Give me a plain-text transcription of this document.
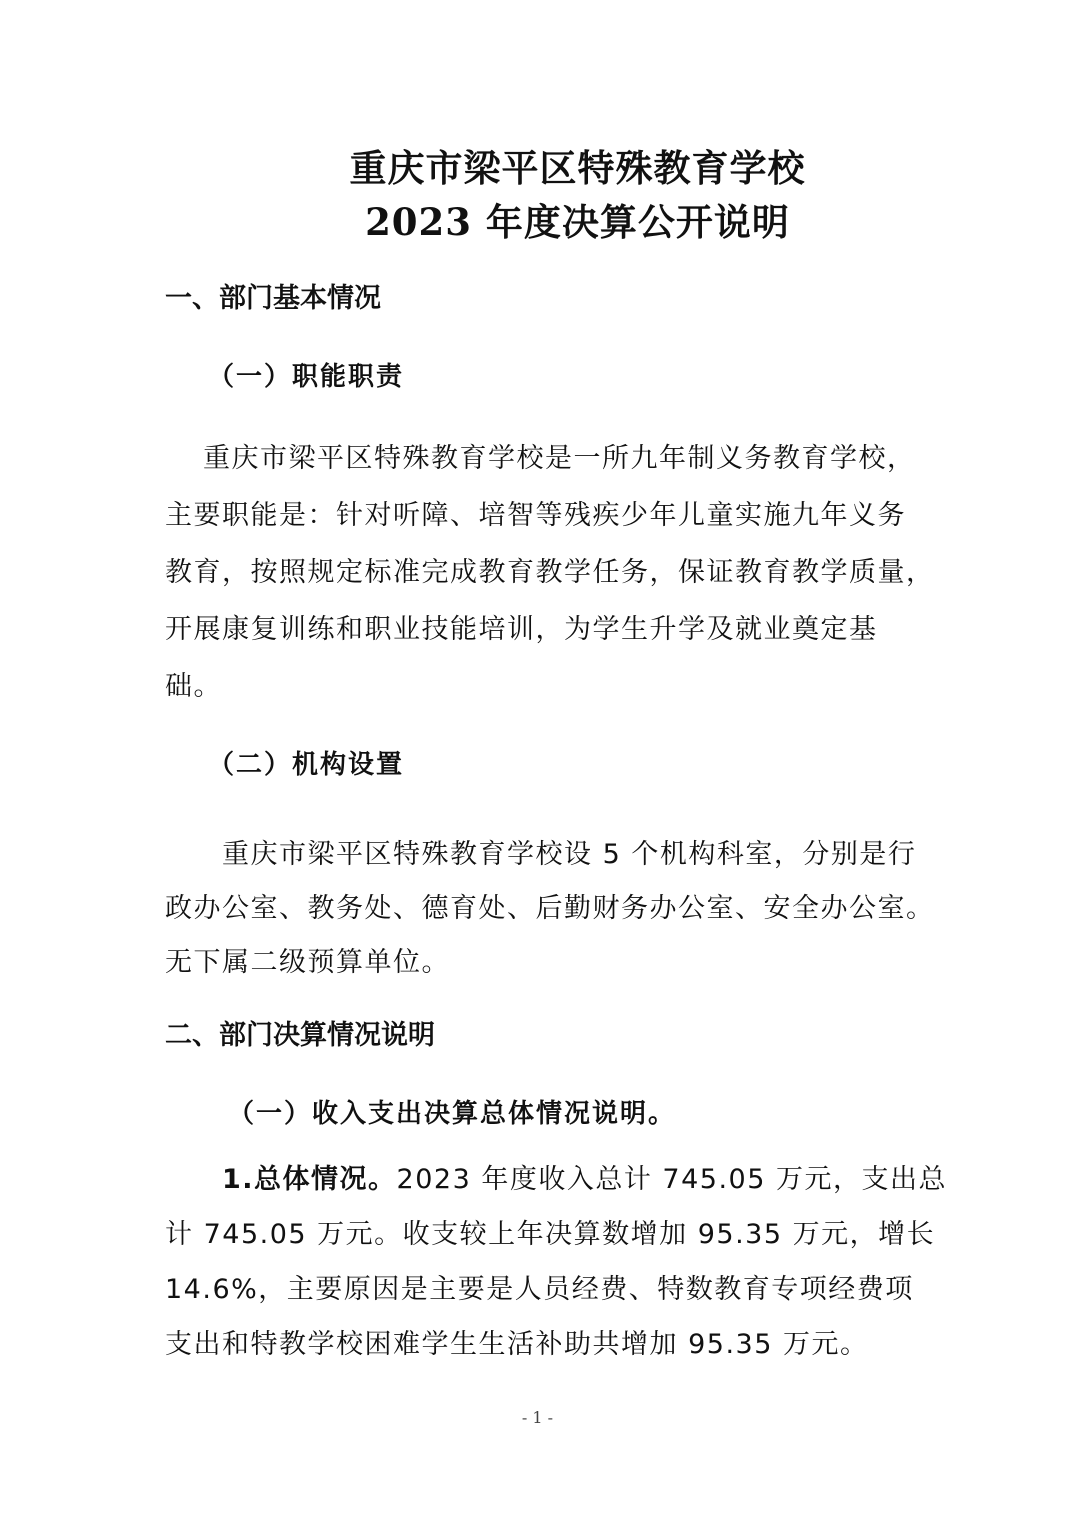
重庆市梁平区特殊教育学校
2023 年度决算公开说明
一、部门基本情况
（一）职能职责
重庆市梁平区特殊教育学校是一所九年制义务教育学校，
主要职能是：针对听障、培智等残疾少年儿童实施九年义务
教育，按照规定标准完成教育教学任务，保证教育教学质量，
开展康复训练和职业技能培训，为学生升学及就业奠定基
础。
（二）机构设置
重庆市梁平区特殊教育学校设 5 个机构科室，分别是行
政办公室、教务处、德育处、后勤财务办公室、安全办公室。
无下属二级预算单位。
二、部门决算情况说明
（一）收入支出决算总体情况说明。
1.总体情况。2023 年度收入总计 745.05 万元，支出总
计 745.05 万元。收支较上年决算数增加 95.35 万元，增长
14.6%，主要原因是主要是人员经费、特数教育专项经费项
支出和特教学校困难学生生活补助共增加 95.35 万元。
- 1 -
